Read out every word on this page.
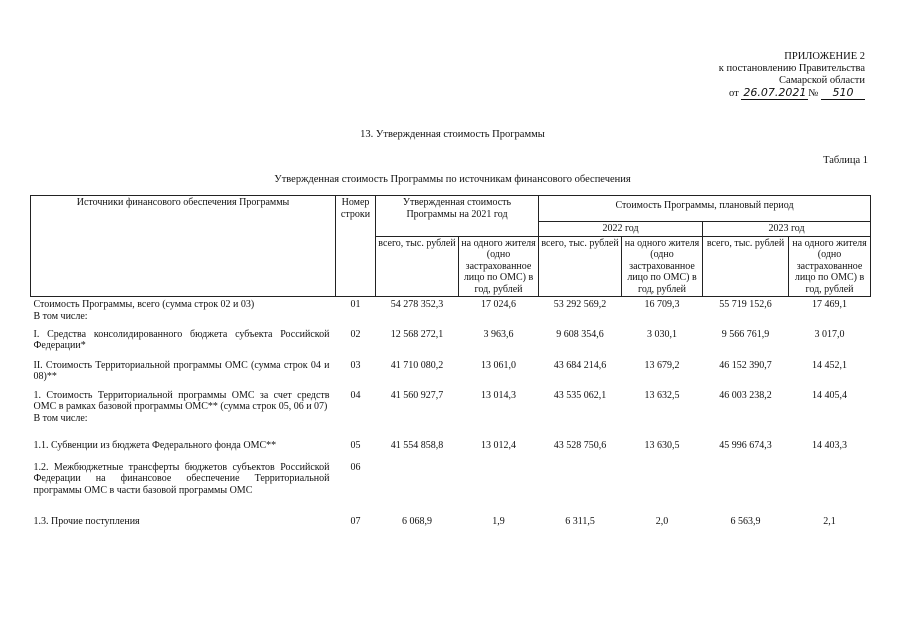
ПРИЛОЖЕНИЕ 2
к постановлению Правительства
Самарской области
от 26.07.2021 № 510
13. Утвержденная стоимость Программы
Таблица 1
Утвержденная стоимость Программы по источникам финансового обеспечения
Источники финансового обеспечения Программы	Номер строки	Утвержденная стоимость Программы на 2021 год		Стоимость Программы, плановый период			
				2022 год		2023 год	
		всего, тыс. рублей	на одного жителя (одно застрахованное лицо по ОМС) в год, рублей	всего, тыс. рублей	на одного жителя (одно застрахованное лицо по ОМС) в год, рублей	всего, тыс. рублей	на одного жителя (одно застрахованное лицо по ОМС) в год, рублей
Стоимость Программы, всего (сумма строк 02 и 03)
В том числе:	01	54 278 352,3	17 024,6	53 292 569,2	16 709,3	55 719 152,6	17 469,1
I. Средства консолидированного бюджета субъекта Российской Федерации*	02	12 568 272,1	3 963,6	9 608 354,6	3 030,1	9 566 761,9	3 017,0
II. Стоимость Территориальной программы ОМС (сумма строк 04 и 08)**	03	41 710 080,2	13 061,0	43 684 214,6	13 679,2	46 152 390,7	14 452,1
1. Стоимость Территориальной программы ОМС за счет средств ОМС в рамках базовой программы ОМС** (сумма строк 05, 06 и 07)
В том числе:	04	41 560 927,7	13 014,3	43 535 062,1	13 632,5	46 003 238,2	14 405,4
1.1. Субвенции из бюджета Федерального фонда ОМС**	05	41 554 858,8	13 012,4	43 528 750,6	13 630,5	45 996 674,3	14 403,3
1.2. Межбюджетные трансферты бюджетов субъектов Российской Федерации на финансовое обеспечение Территориальной программы ОМС в части базовой программы ОМС	06						
1.3. Прочие поступления	07	6 068,9	1,9	6 311,5	2,0	6 563,9	2,1
